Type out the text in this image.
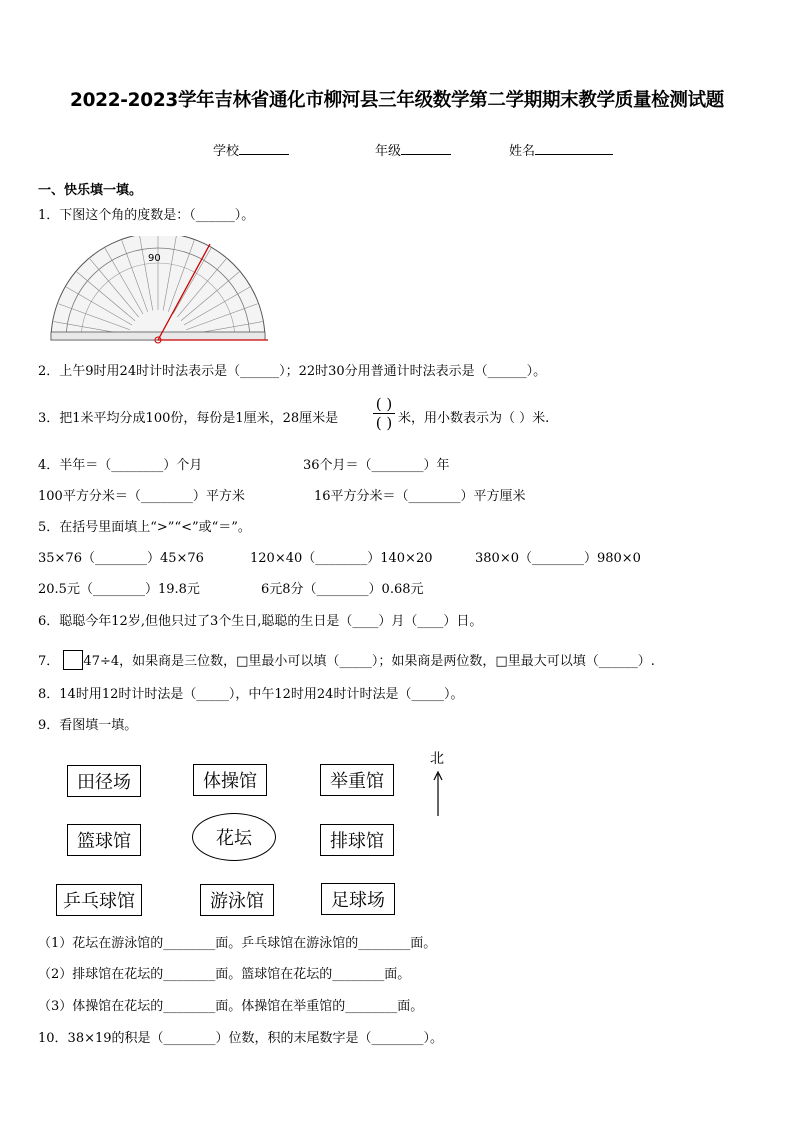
2022-2023学年吉林省通化市柳河县三年级数学第二学期期末教学质量检测试题
学校	年级	姓名
一、快乐填一填。
1．下图这个角的度数是：（______）。
90
2．上午9时用24时计时法表示是（______）；22时30分用普通计时法表示是（______）。
3．把1米平均分成100份，每份是1厘米，28厘米是
( )
( ) 米，用小数表示为（ ）米.
4．半年＝（________）个月	36个月＝（________）年
100平方分米＝（________）平方米	16平方分米＝（________）平方厘米
5．在括号里面填上“>”“<”或“＝”。
35×76（________）45×76	120×40（________）140×20	380×0（________）980×0
20.5元（________）19.8元	6元8分（________）0.68元
6．聪聪今年12岁,但他只过了3个生日,聪聪的生日是（____）月（____）日。
7． 47÷4，如果商是三位数，□里最小可以填（_____）；如果商是两位数，□里最大可以填（______）.
8．14时用12时计时法是（_____），中午12时用24时计时法是（_____）。
9．看图填一填。
田径场	体操馆	举重馆
篮球馆	花坛	排球馆
乒乓球馆	游泳馆	足球场
北
（1）花坛在游泳馆的________面。乒乓球馆在游泳馆的________面。
（2）排球馆在花坛的________面。篮球馆在花坛的________面。
（3）体操馆在花坛的________面。体操馆在举重馆的________面。
10．38×19的积是（________）位数，积的末尾数字是（________）。
